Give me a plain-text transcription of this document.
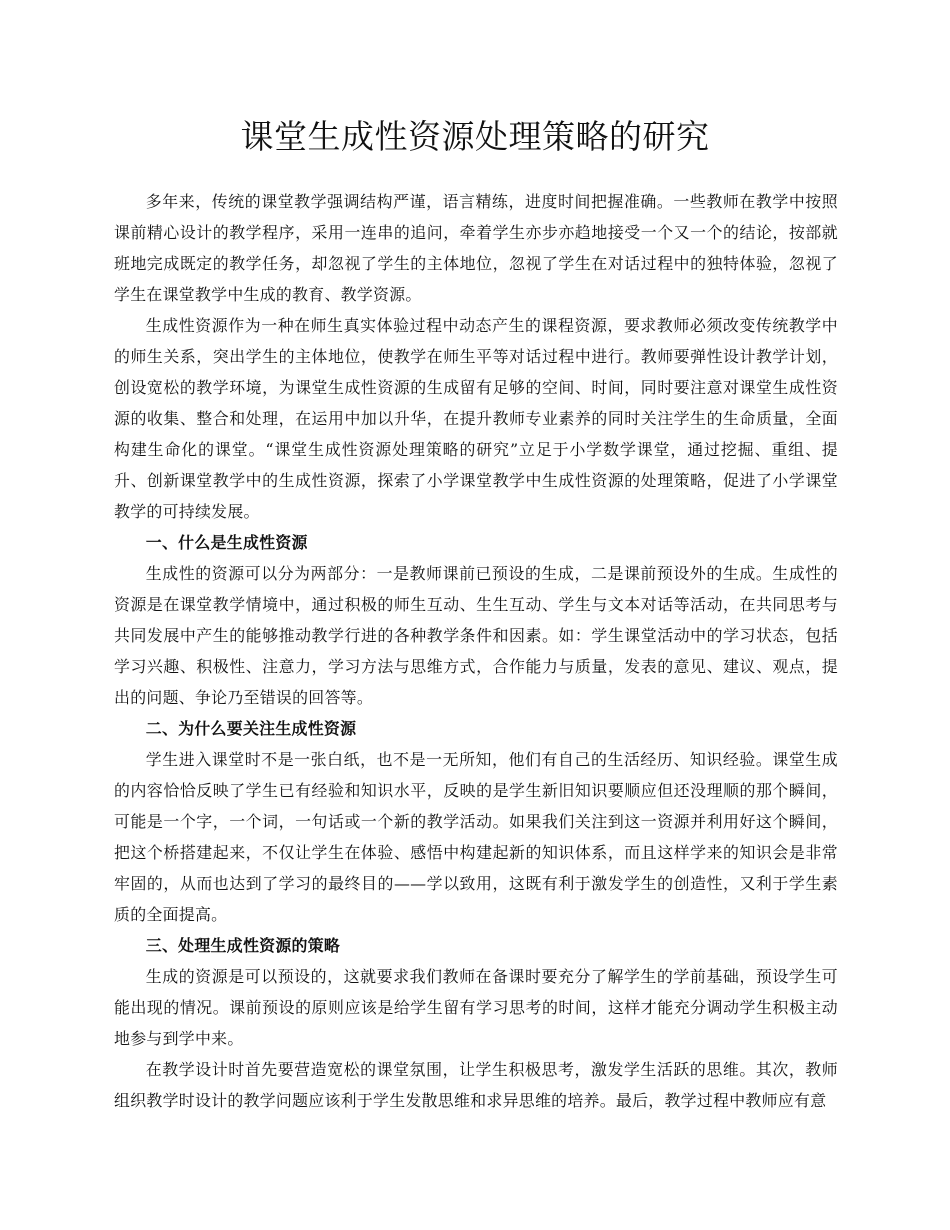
课堂生成性资源处理策略的研究

多年来，传统的课堂教学强调结构严谨，语言精练，进度时间把握准确。一些教师在教学中按照课前精心设计的教学程序，采用一连串的追问，牵着学生亦步亦趋地接受一个又一个的结论，按部就班地完成既定的教学任务，却忽视了学生的主体地位，忽视了学生在对话过程中的独特体验，忽视了学生在课堂教学中生成的教育、教学资源。

生成性资源作为一种在师生真实体验过程中动态产生的课程资源，要求教师必须改变传统教学中的师生关系，突出学生的主体地位，使教学在师生平等对话过程中进行。教师要弹性设计教学计划，创设宽松的教学环境，为课堂生成性资源的生成留有足够的空间、时间，同时要注意对课堂生成性资源的收集、整合和处理，在运用中加以升华，在提升教师专业素养的同时关注学生的生命质量，全面构建生命化的课堂。“课堂生成性资源处理策略的研究”立足于小学数学课堂，通过挖掘、重组、提升、创新课堂教学中的生成性资源，探索了小学课堂教学中生成性资源的处理策略，促进了小学课堂教学的可持续发展。

一、什么是生成性资源

生成性的资源可以分为两部分：一是教师课前已预设的生成，二是课前预设外的生成。生成性的资源是在课堂教学情境中，通过积极的师生互动、生生互动、学生与文本对话等活动，在共同思考与共同发展中产生的能够推动教学行进的各种教学条件和因素。如：学生课堂活动中的学习状态，包括学习兴趣、积极性、注意力，学习方法与思维方式，合作能力与质量，发表的意见、建议、观点，提出的问题、争论乃至错误的回答等。

二、为什么要关注生成性资源

学生进入课堂时不是一张白纸，也不是一无所知，他们有自己的生活经历、知识经验。课堂生成的内容恰恰反映了学生已有经验和知识水平，反映的是学生新旧知识要顺应但还没理顺的那个瞬间，可能是一个字，一个词，一句话或一个新的教学活动。如果我们关注到这一资源并利用好这个瞬间，把这个桥搭建起来，不仅让学生在体验、感悟中构建起新的知识体系，而且这样学来的知识会是非常牢固的，从而也达到了学习的最终目的——学以致用，这既有利于激发学生的创造性，又利于学生素质的全面提高。

三、处理生成性资源的策略

生成的资源是可以预设的，这就要求我们教师在备课时要充分了解学生的学前基础，预设学生可能出现的情况。课前预设的原则应该是给学生留有学习思考的时间，这样才能充分调动学生积极主动地参与到学中来。

在教学设计时首先要营造宽松的课堂氛围，让学生积极思考，激发学生活跃的思维。其次，教师组织教学时设计的教学问题应该利于学生发散思维和求异思维的培养。最后，教学过程中教师应有意
